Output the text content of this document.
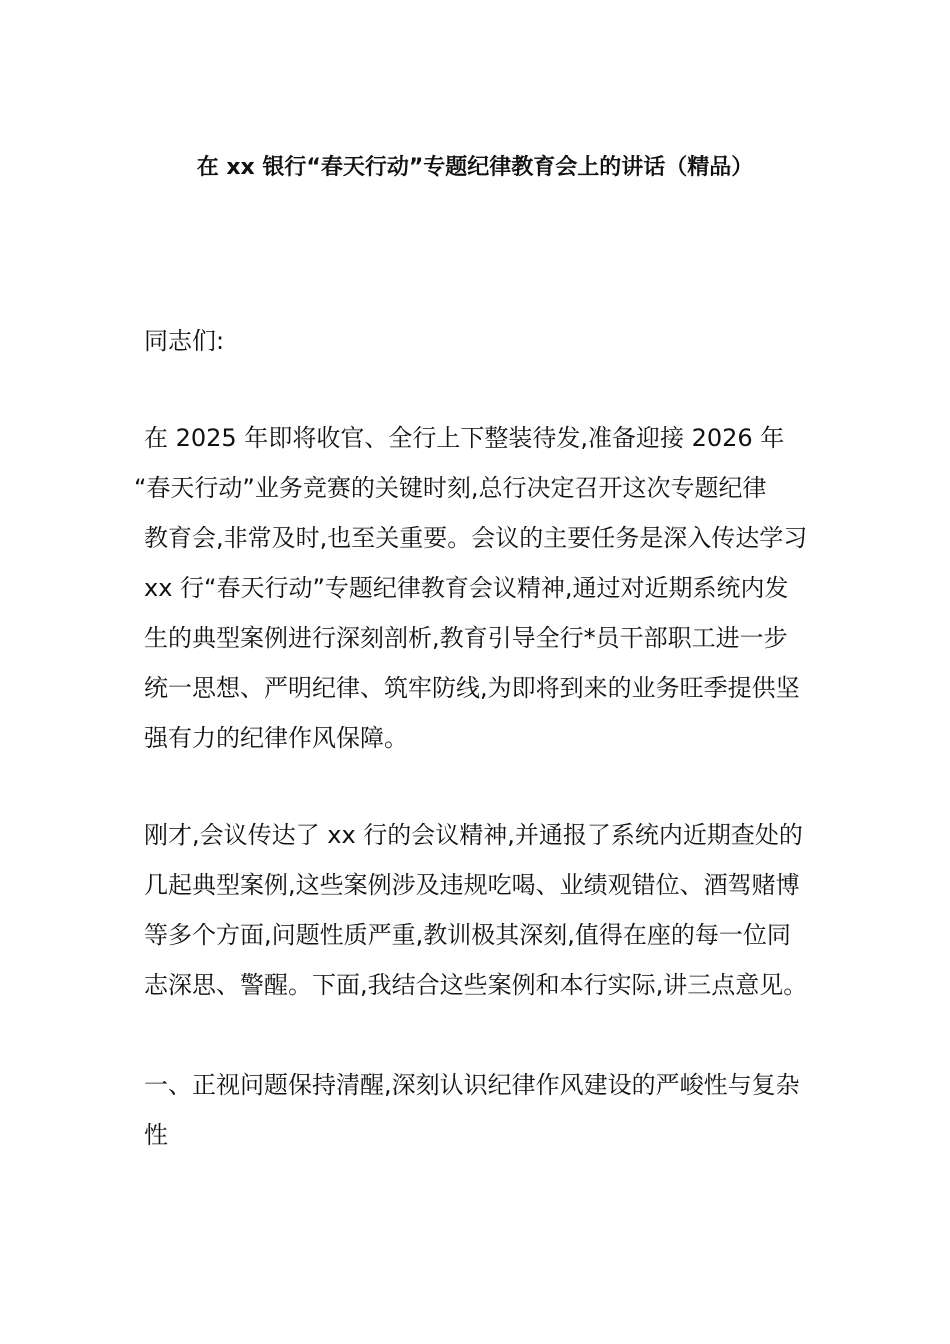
在 xx 银行“春天行动”专题纪律教育会上的讲话（精品）
同志们:
在 2025 年即将收官、全行上下整装待发,准备迎接 2026 年
“春天行动”业务竞赛的关键时刻,总行决定召开这次专题纪律
教育会,非常及时,也至关重要。会议的主要任务是深入传达学习
xx 行“春天行动”专题纪律教育会议精神,通过对近期系统内发
生的典型案例进行深刻剖析,教育引导全行*员干部职工进一步
统一思想、严明纪律、筑牢防线,为即将到来的业务旺季提供坚
强有力的纪律作风保障。
刚才,会议传达了 xx 行的会议精神,并通报了系统内近期查处的
几起典型案例,这些案例涉及违规吃喝、业绩观错位、酒驾赌博
等多个方面,问题性质严重,教训极其深刻,值得在座的每一位同
志深思、警醒。下面,我结合这些案例和本行实际,讲三点意见。
一、正视问题保持清醒,深刻认识纪律作风建设的严峻性与复杂
性
